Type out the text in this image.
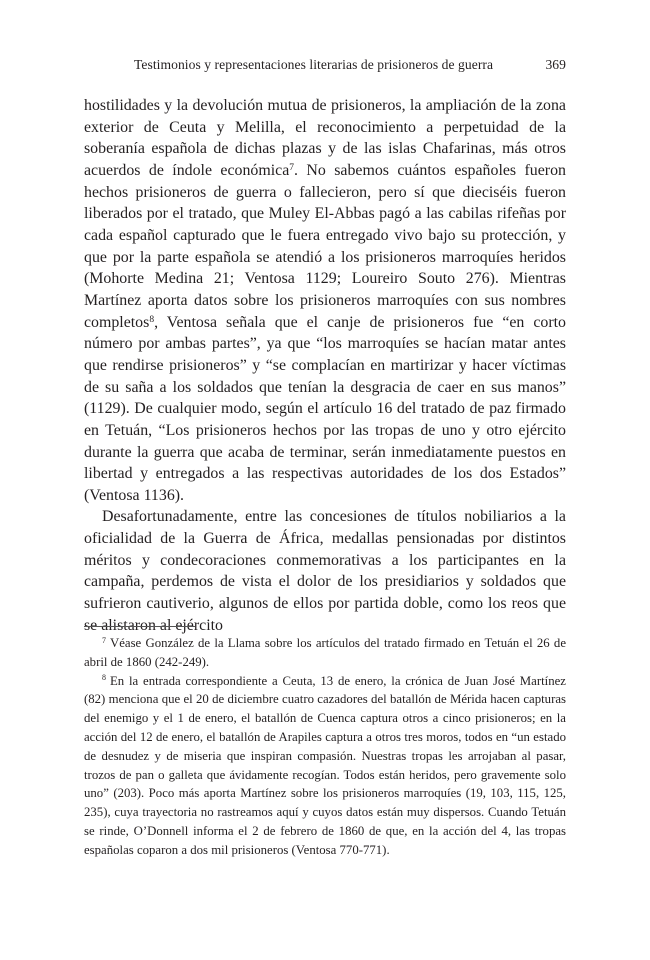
Testimonios y representaciones literarias de prisioneros de guerra	369

hostilidades y la devolución mutua de prisioneros, la ampliación de la zona exterior de Ceuta y Melilla, el reconocimiento a perpetuidad de la soberanía española de dichas plazas y de las islas Chafarinas, más otros acuerdos de índole económica$^7$. No sabemos cuántos españoles fueron hechos prisioneros de guerra o fallecieron, pero sí que dieciséis fueron liberados por el tratado, que Muley El-Abbas pagó a las cabilas rifeñas por cada español capturado que le fuera entregado vivo bajo su protección, y que por la parte española se atendió a los prisioneros marroquíes heridos (Mohorte Medina 21; Ventosa 1129; Loureiro Souto 276). Mientras Martínez aporta datos sobre los prisioneros marroquíes con sus nombres completos$^8$, Ventosa señala que el canje de prisioneros fue “en corto número por ambas partes”, ya que “los marroquíes se hacían matar antes que rendirse prisioneros” y “se complacían en martirizar y hacer víctimas de su saña a los soldados que tenían la desgracia de caer en sus manos” (1129). De cualquier modo, según el artículo 16 del tratado de paz firmado en Tetuán, “Los prisioneros hechos por las tropas de uno y otro ejército durante la guerra que acaba de terminar, serán inmediatamente puestos en libertad y entregados a las respectivas autoridades de los dos Estados” (Ventosa 1136).

Desafortunadamente, entre las concesiones de títulos nobiliarios a la oficialidad de la Guerra de África, medallas pensionadas por distintos méritos y condecoraciones conmemorativas a los participantes en la campaña, perdemos de vista el dolor de los presidiarios y soldados que sufrieron cautiverio, algunos de ellos por partida doble, como los reos que se alistaron al ejército

$^7$ Véase González de la Llama sobre los artículos del tratado firmado en Tetuán el 26 de abril de 1860 (242-249).

$^8$ En la entrada correspondiente a Ceuta, 13 de enero, la crónica de Juan José Martínez (82) menciona que el 20 de diciembre cuatro cazadores del batallón de Mérida hacen capturas del enemigo y el 1 de enero, el batallón de Cuenca captura otros a cinco prisioneros; en la acción del 12 de enero, el batallón de Arapiles captura a otros tres moros, todos en “un estado de desnudez y de miseria que inspiran compasión. Nuestras tropas les arrojaban al pasar, trozos de pan o galleta que ávidamente recogían. Todos están heridos, pero gravemente solo uno” (203). Poco más aporta Martínez sobre los prisioneros marroquíes (19, 103, 115, 125, 235), cuya trayectoria no rastreamos aquí y cuyos datos están muy dispersos. Cuando Tetuán se rinde, O’Donnell informa el 2 de febrero de 1860 de que, en la acción del 4, las tropas españolas coparon a dos mil prisioneros (Ventosa 770-771).
